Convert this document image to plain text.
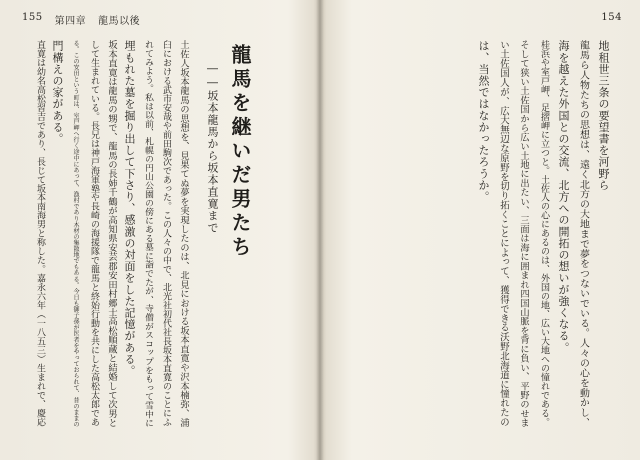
155 第四章 龍馬以後
龍馬を継いだ男たち
――坂本龍馬から坂本直寛まで
土佐人坂本龍馬の思想を、見果てぬ夢を実現したのは、北見における坂本直寛や沢本楠弥、浦
臼における武市安哉や前田駒次であった。この人々の中で、北光社初代社長坂本直寛のことにふ
れてみよう。私は以前、札幌の円山公園の傍にある墓に詣でたが、寺僧がスコップをもって雪中に
埋もれた墓を掘り出して下さり、感激の対面をした記憶がある。
坂本直寛は龍馬の甥で、龍馬の長姉千鶴が高知県安芸郡安田村郷士高松順蔵と結婚して次男と
して生まれている。長兄は神戸海軍塾や長崎の海援隊で龍馬と終始行動を共にした高松太郎であ
る。この安田という町は、室戸岬へ行く途中にあって、漁村であり木材の集散地でもある。今日も御子孫が医者をやっておられて、昔のままの
門構えの家がある。
直寛は幼名高松習吉であり、長じて坂本南海男と称した。嘉永六年（一八五三）生まれで、慶応
154
地租世三条の要望書を河野ら
龍馬ら人物たちの思想は、遠く北方の大地まで夢をつないでいる。人々の心を動かし、
海を越えた外国との交流、北方への開拓の想いが強くなる。
桂浜や室戸岬、足摺岬に立つと。土佐人の心にあるのは、外国の地、広い大地への憧れである。
そして狭い土佐国から広い土地に出たい、三面は海に囲まれ四国山脈を背に負い、平野のせま
い土佐国人が、広大無辺な原野を切り拓くことによって、獲得できる沃野北海道に憧れたの
は、当然ではなかったろうか。
